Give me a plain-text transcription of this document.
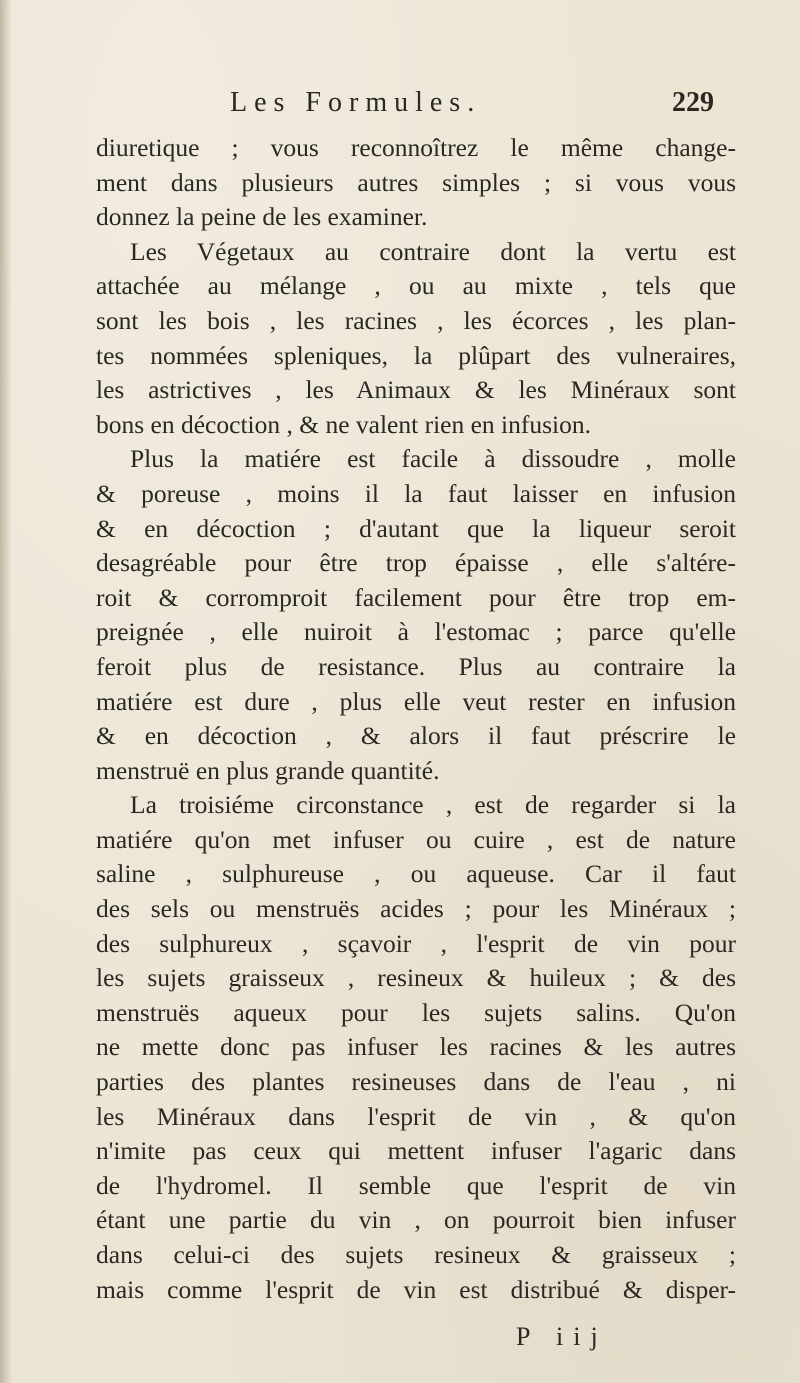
Les Formules.	229
diuretique ; vous reconnoîtrez le même change-
ment dans plusieurs autres simples ; si vous vous
donnez la peine de les examiner.
Les Végetaux au contraire dont la vertu est
attachée au mélange , ou au mixte , tels que
sont les bois , les racines , les écorces , les plan-
tes nommées spleniques, la plûpart des vulneraires,
les astrictives , les Animaux & les Minéraux sont
bons en décoction , & ne valent rien en infusion.
Plus la matiére est facile à dissoudre , molle
& poreuse , moins il la faut laisser en infusion
& en décoction ; d'autant que la liqueur seroit
desagréable pour être trop épaisse , elle s'altére-
roit & corromproit facilement pour être trop em-
preignée , elle nuiroit à l'estomac ; parce qu'elle
feroit plus de resistance. Plus au contraire la
matiére est dure , plus elle veut rester en infusion
& en décoction , & alors il faut préscrire le
menstruë en plus grande quantité.
La troisiéme circonstance , est de regarder si la
matiére qu'on met infuser ou cuire , est de nature
saline , sulphureuse , ou aqueuse. Car il faut
des sels ou menstruës acides ; pour les Minéraux ;
des sulphureux , sçavoir , l'esprit de vin pour
les sujets graisseux , resineux & huileux ; & des
menstruës aqueux pour les sujets salins. Qu'on
ne mette donc pas infuser les racines & les autres
parties des plantes resineuses dans de l'eau , ni
les Minéraux dans l'esprit de vin , & qu'on
n'imite pas ceux qui mettent infuser l'agaric dans
de l'hydromel. Il semble que l'esprit de vin
étant une partie du vin , on pourroit bien infuser
dans celui-ci des sujets resineux & graisseux ;
mais comme l'esprit de vin est distribué & disper-
P iij
